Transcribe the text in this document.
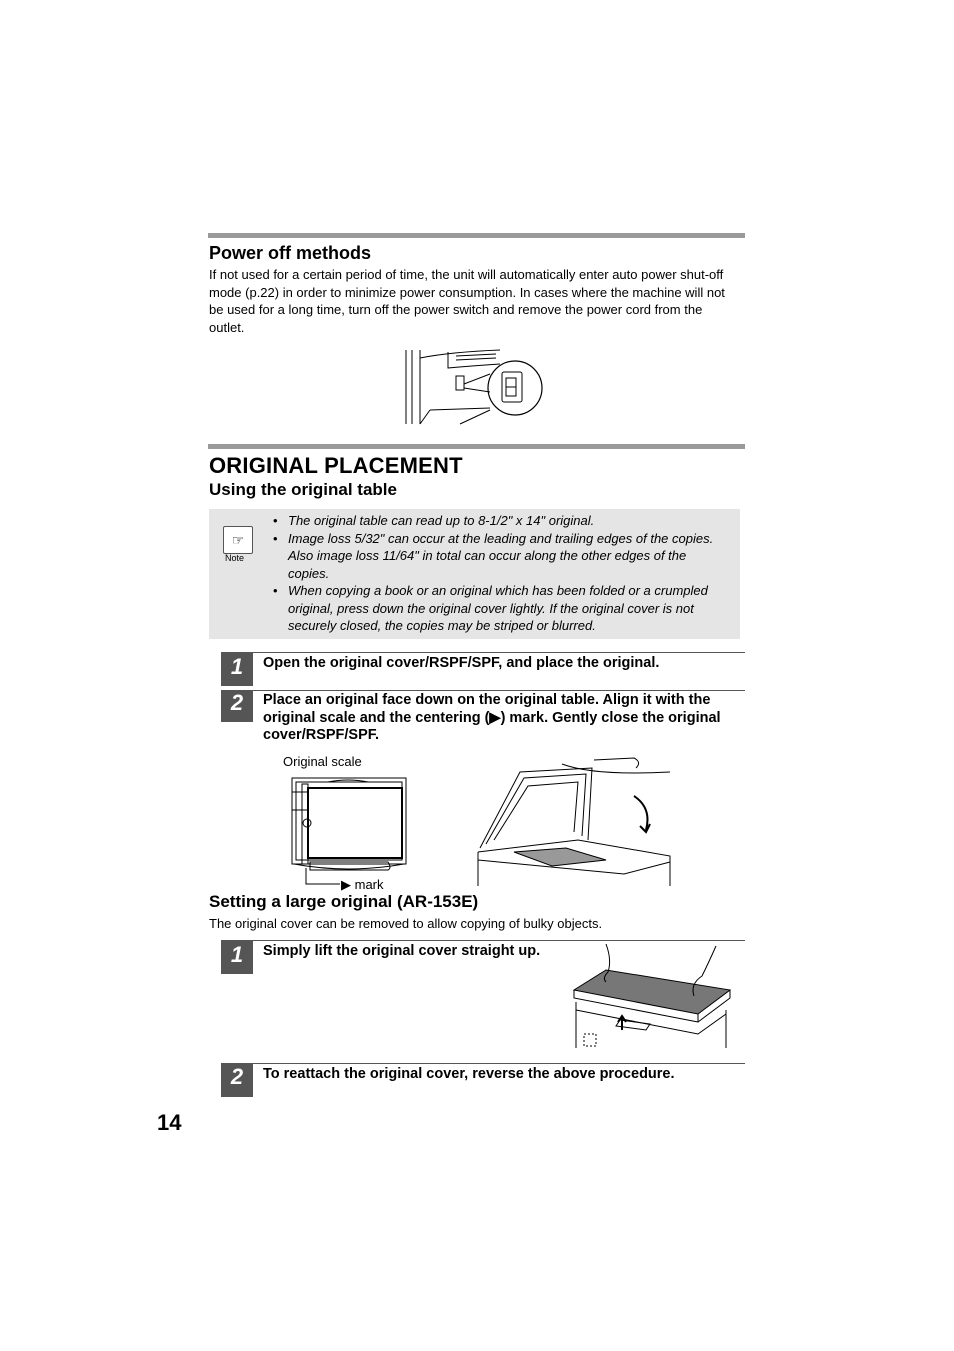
Power off methods
If not used for a certain period of time, the unit will automatically enter auto power shut-off mode (p.22) in order to minimize power consumption. In cases where the machine will not be used for a long time, turn off the power switch and remove the power cord from the outlet.
ORIGINAL PLACEMENT
Using the original table
☞
Note
• The original table can read up to 8-1/2" x 14" original.
• Image loss 5/32" can occur at the leading and trailing edges of the copies. Also image loss 11/64" in total can occur along the other edges of the copies.
• When copying a book or an original which has been folded or a crumpled original, press down the original cover lightly. If the original cover is not securely closed, the copies may be striped or blurred.
1	Open the original cover/RSPF/SPF, and place the original.
2	Place an original face down on the original table. Align it with the original scale and the centering (▶) mark. Gently close the original cover/RSPF/SPF.
Original scale
▶ mark
Setting a large original (AR-153E)
The original cover can be removed to allow copying of bulky objects.
1	Simply lift the original cover straight up.
2	To reattach the original cover, reverse the above procedure.
14
